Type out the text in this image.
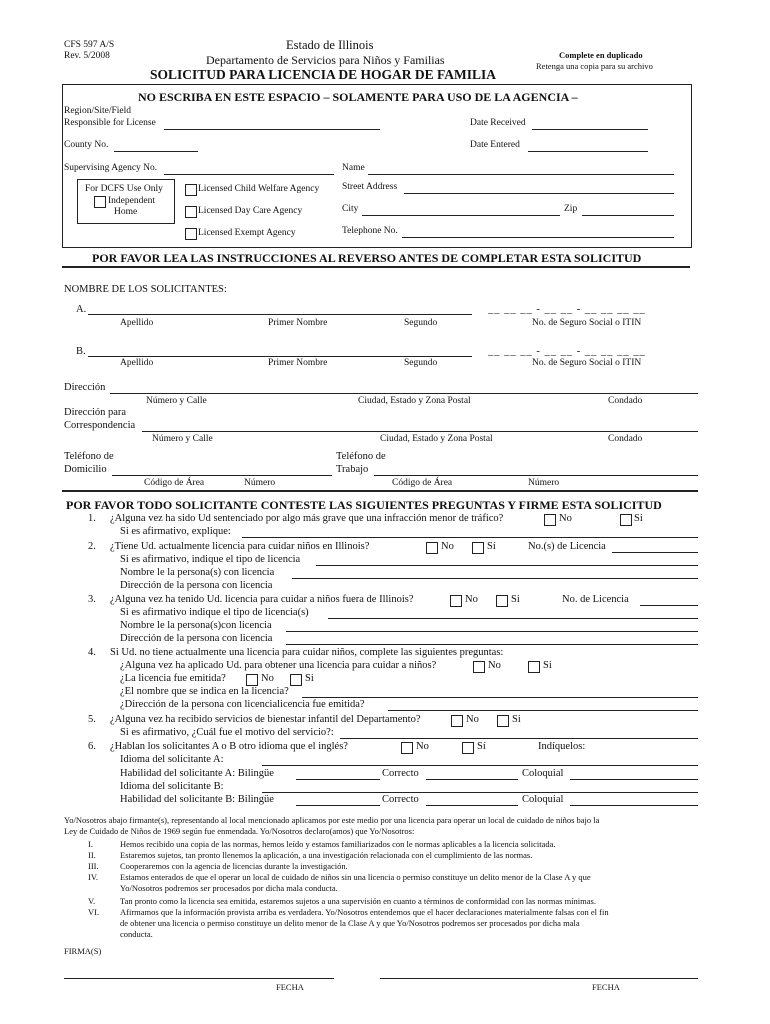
CFS 597 A/S
Rev. 5/2008
Estado de Illinois
Departamento de Servicios para Niños y Familias
SOLICITUD PARA LICENCIA DE HOGAR DE FAMILIA
Complete en duplicado
Retenga una copia para su archivo
NO ESCRIBA EN ESTE ESPACIO – SOLAMENTE PARA USO DE LA AGENCIA –
Region/Site/Field
Responsible for License	Date Received
County No.	Date Entered
Supervising Agency No.	Name
For DCFS Use Only
Independent
Home
Licensed Child Welfare Agency
Licensed Day Care Agency
Licensed Exempt Agency
Street Address
City	Zip
Telephone No.
POR FAVOR LEA LAS INSTRUCCIONES AL REVERSO ANTES DE COMPLETAR ESTA SOLICITUD
NOMBRE DE LOS SOLICITANTES:
A.	__ __ __ - __ __ - __ __ __ __
Apellido	Primer Nombre	Segundo	No. de Seguro Social o ITIN
B.	__ __ __ - __ __ - __ __ __ __
Apellido	Primer Nombre	Segundo	No. de Seguro Social o ITIN
Dirección
Número y Calle	Ciudad, Estado y Zona Postal	Condado
Dirección para
Correspondencia
Número y Calle	Ciudad, Estado y Zona Postal	Condado
Teléfono de
Domicilio
Teléfono de
Trabajo
Código de Área	Número	Código de Área	Número
POR FAVOR TODO SOLICITANTE CONTESTE LAS SIGUIENTES PREGUNTAS Y FIRME ESTA SOLICITUD
1. ¿Alguna vez ha sido Ud sentenciado por algo más grave que una infracción menor de tráfico?	No	Si
Si es afirmativo, explique:
2. ¿Tiene Ud. actualmente licencia para cuidar niños en Illinois?	No	Sí	No.(s) de Licencia
Si es afirmativo, indique el tipo de licencia
Nombre le la persona(s) con licencia
Dirección de la persona con licencia
3. ¿Alguna vez ha tenido Ud. licencia para cuidar a niños fuera de Illinois?	No	Si	No. de Licencia
Si es afirmativo indique el tipo de licencia(s)
Nombre le la persona(s)con licencia
Dirección de la persona con licencia
4. Si Ud. no tiene actualmente una licencia para cuidar niños, complete las siguientes preguntas:
¿Alguna vez ha aplicado Ud. para obtener una licencia para cuidar a niños?	No	Si
¿La licencia fue emitida?	No	Si
¿El nombre que se indica en la licencia?
¿Dirección de la persona con licencialicencia fue emitida?
5. ¿Alguna vez ha recibido servicios de bienestar infantil del Departamento?	No	Si
Si es afirmativo, ¿Cuál fue el motivo del servicio?:
6. ¿Hablan los solicitantes A o B otro idioma que el inglés?	No	Sí	Indíquelos:
Idioma del solicitante A:
Habilidad del solicitante A: Bilingüe	Correcto	Coloquial
Idioma del solicitante B:
Habilidad del solicitante B: Bilingüe	Correcto	Coloquial
Yo/Nosotros abajo firmante(s), representando al local mencionado aplicamos por este medio por una licencia para operar un local de cuidado de niños bajo la
Ley de Cuidado de Niños de 1969 según fue enmendada. Yo/Nosotros declaro(amos) que Yo/Nosotros:
I.	Hemos recibido una copia de las normas, hemos leído y estamos familiarizados con le normas aplicables a la licencia solicitada.
II.	Estaremos sujetos, tan pronto llenemos la aplicación, a una investigación relacionada con el cumplimiento de las normas.
III.	Cooperaremos con la agencia de licencias durante la investigación.
IV.	Estamos enterados de que el operar un local de cuidado de niños sin una licencia o permiso constituye un delito menor de la Clase A y que
Yo/Nosotros podremos ser procesados por dicha mala conducta.
V.	Tan pronto como la licencia sea emitida, estaremos sujetos a una supervisión en cuanto a términos de conformidad con las normas mínimas.
VI. Afirmamos que la información provista arriba es verdadera. Yo/Nosotros entendemos que el hacer declaraciones materialmente falsas con el fin
de obtener una licencia o permiso constituye un delito menor de la Clase A y que Yo/Nosotros podremos ser procesados por dicha mala
conducta.
FIRMA(S)
FECHA	FECHA
